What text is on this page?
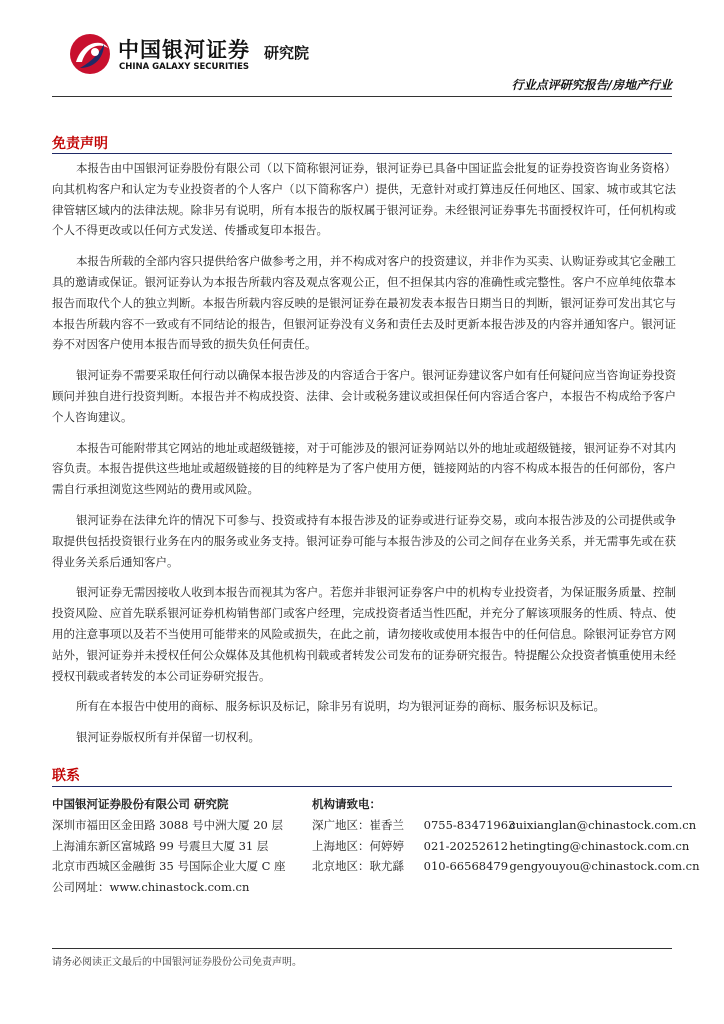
中国银河证券
CHINA GALAXY SECURITIES
研究院
行业点评研究报告/房地产行业
免责声明

本报告由中国银河证券股份有限公司（以下简称银河证券，银河证券已具备中国证监会批复的证券投资咨询业务资格）向其机构客户和认定为专业投资者的个人客户（以下简称客户）提供，无意针对或打算违反任何地区、国家、城市或其它法律管辖区域内的法律法规。除非另有说明，所有本报告的版权属于银河证券。未经银河证券事先书面授权许可，任何机构或个人不得更改或以任何方式发送、传播或复印本报告。

本报告所载的全部内容只提供给客户做参考之用，并不构成对客户的投资建议，并非作为买卖、认购证券或其它金融工具的邀请或保证。银河证券认为本报告所载内容及观点客观公正，但不担保其内容的准确性或完整性。客户不应单纯依靠本报告而取代个人的独立判断。本报告所载内容反映的是银河证券在最初发表本报告日期当日的判断，银河证券可发出其它与本报告所载内容不一致或有不同结论的报告，但银河证券没有义务和责任去及时更新本报告涉及的内容并通知客户。银河证券不对因客户使用本报告而导致的损失负任何责任。

银河证券不需要采取任何行动以确保本报告涉及的内容适合于客户。银河证券建议客户如有任何疑问应当咨询证券投资顾问并独自进行投资判断。本报告并不构成投资、法律、会计或税务建议或担保任何内容适合客户，本报告不构成给予客户个人咨询建议。

本报告可能附带其它网站的地址或超级链接，对于可能涉及的银河证券网站以外的地址或超级链接，银河证券不对其内容负责。本报告提供这些地址或超级链接的目的纯粹是为了客户使用方便，链接网站的内容不构成本报告的任何部份，客户需自行承担浏览这些网站的费用或风险。

银河证券在法律允许的情况下可参与、投资或持有本报告涉及的证券或进行证券交易，或向本报告涉及的公司提供或争取提供包括投资银行业务在内的服务或业务支持。银河证券可能与本报告涉及的公司之间存在业务关系，并无需事先或在获得业务关系后通知客户。

银河证券无需因接收人收到本报告而视其为客户。若您并非银河证券客户中的机构专业投资者，为保证服务质量、控制投资风险、应首先联系银河证券机构销售部门或客户经理，完成投资者适当性匹配，并充分了解该项服务的性质、特点、使用的注意事项以及若不当使用可能带来的风险或损失，在此之前，请勿接收或使用本报告中的任何信息。除银河证券官方网站外，银河证券并未授权任何公众媒体及其他机构刊载或者转发公司发布的证券研究报告。特提醒公众投资者慎重使用未经授权刊载或者转发的本公司证券研究报告。

所有在本报告中使用的商标、服务标识及标记，除非另有说明，均为银河证券的商标、服务标识及标记。

银河证券版权所有并保留一切权利。

联系
中国银河证券股份有限公司 研究院
深圳市福田区金田路 3088 号中洲大厦 20 层
上海浦东新区富城路 99 号震旦大厦 31 层
北京市西城区金融街 35 号国际企业大厦 C 座
公司网址：www.chinastock.com.cn
机构请致电：
深广地区：崔香兰 0755-83471963 cuixianglan@chinastock.com.cn
上海地区：何婷婷 021-20252612 hetingting@chinastock.com.cn
北京地区：耿尤繇 010-66568479 gengyouyou@chinastock.com.cn
请务必阅读正文最后的中国银河证券股份公司免责声明。
